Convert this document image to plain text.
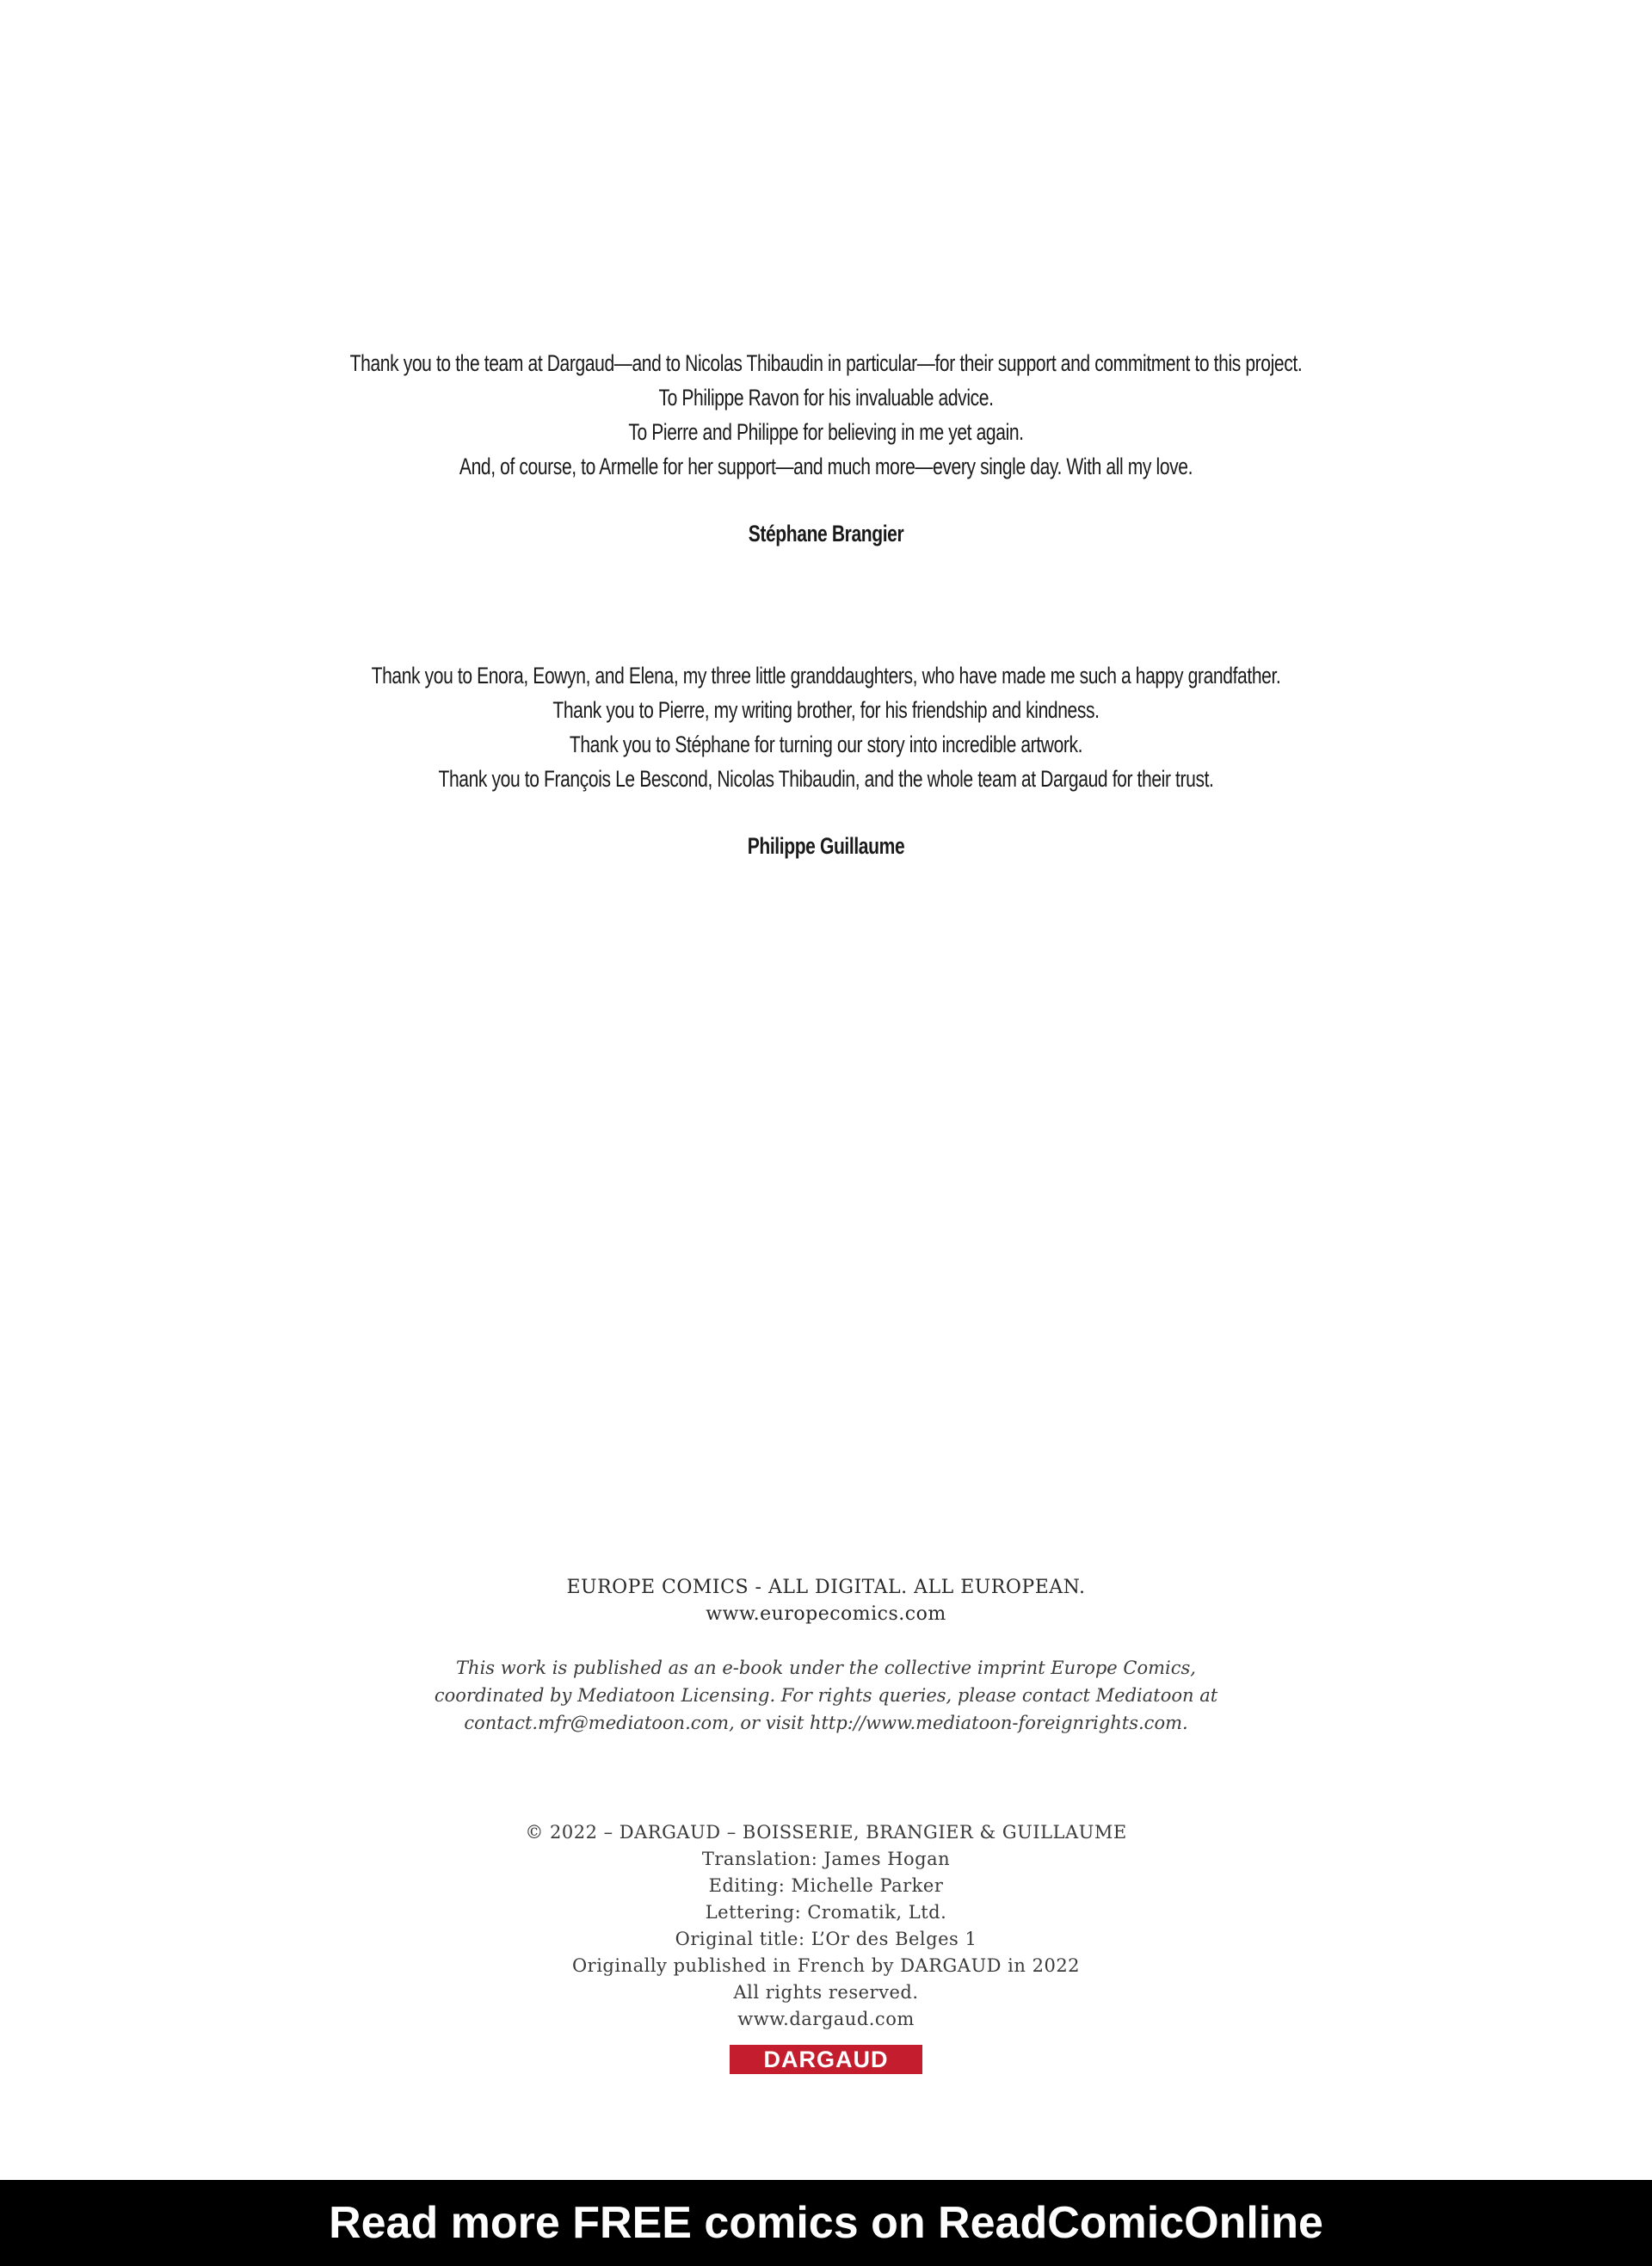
Thank you to the team at Dargaud—and to Nicolas Thibaudin in particular—for their support and commitment to this project.
To Philippe Ravon for his invaluable advice.
To Pierre and Philippe for believing in me yet again.
And, of course, to Armelle for her support—and much more—every single day. With all my love.
Stéphane Brangier
Thank you to Enora, Eowyn, and Elena, my three little granddaughters, who have made me such a happy grandfather.
Thank you to Pierre, my writing brother, for his friendship and kindness.
Thank you to Stéphane for turning our story into incredible artwork.
Thank you to François Le Bescond, Nicolas Thibaudin, and the whole team at Dargaud for their trust.
Philippe Guillaume
EUROPE COMICS - ALL DIGITAL. ALL EUROPEAN.
www.europecomics.com
This work is published as an e-book under the collective imprint Europe Comics,
coordinated by Mediatoon Licensing. For rights queries, please contact Mediatoon at
contact.mfr@mediatoon.com, or visit http://www.mediatoon-foreignrights.com.
© 2022 – DARGAUD – BOISSERIE, BRANGIER & GUILLAUME
Translation: James Hogan
Editing: Michelle Parker
Lettering: Cromatik, Ltd.
Original title: L’Or des Belges 1
Originally published in French by DARGAUD in 2022
All rights reserved.
www.dargaud.com
DARGAUD
Read more FREE comics on ReadComicOnline
